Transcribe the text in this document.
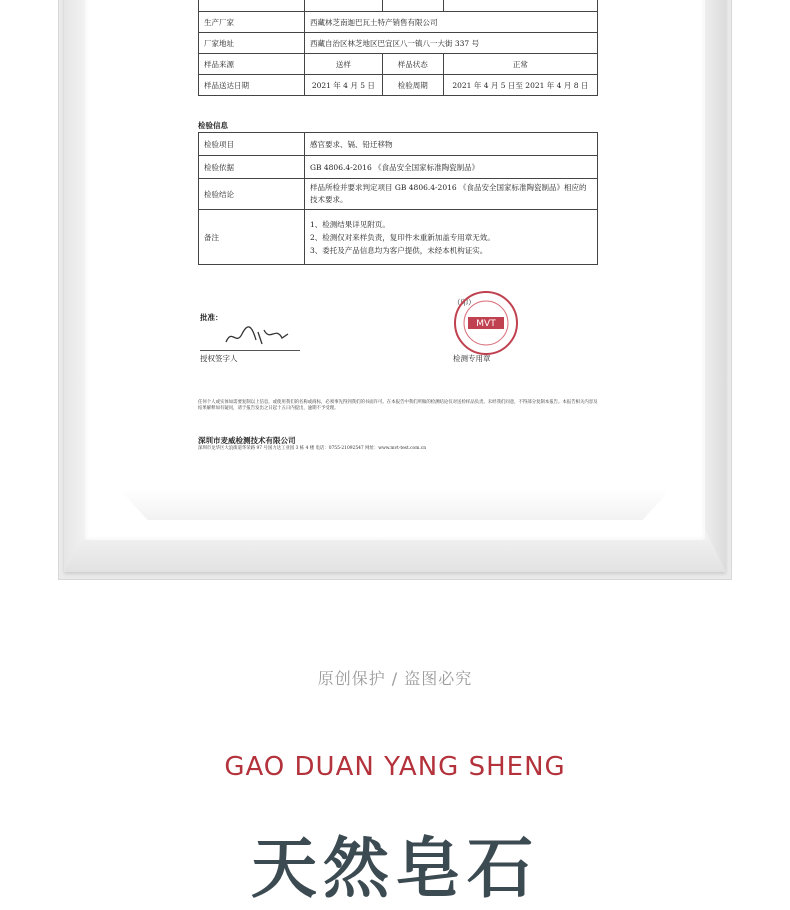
生产厂家	西藏林芝南迦巴瓦土特产销售有限公司		
厂家地址	西藏自治区林芝地区巴宜区八一镇八一大街 337 号		
样品来源	送样	样品状态	正常
样品送达日期	2021 年 4 月 5 日	检验周期	2021 年 4 月 5 日至 2021 年 4 月 8 日
检验信息
检验项目	感官要求、镉、铅迁移物
检验依据	GB 4806.4-2016 《食品安全国家标准陶瓷制品》
检验结论	样品所检并要求判定项目 GB 4806.4-2016 《食品安全国家标准陶瓷制品》相应的技术要求。
备注	1、检测结果详见附页。
2、检测仅对来样负责，复印件未重新加盖专用章无效。
3、委托及产品信息均为客户提供，未经本机构证实。
批准：
授权签字人
（印）
MVT
检测专用章
任何个人或实体如需要复制以上信息，或使用我们的名称或商标，必须事先得到我们的书面许可。在本报告中我们所做的检测结论仅对送检样品负责。未经我们同意，不得部分复制本报告。本报告相关内容及结果解释如有疑问，请于报告发出之日起十五日内提出，逾期不予受理。
深圳市麦威检测技术有限公司
深圳市龙华区大浪街道华荣路 97 号国力达工业园 3 栋 4 楼 电话：0755-21092547 网址：www.mvt-test.com.cn
原创保护 / 盗图必究
GAO DUAN YANG SHENG
天然皂石
